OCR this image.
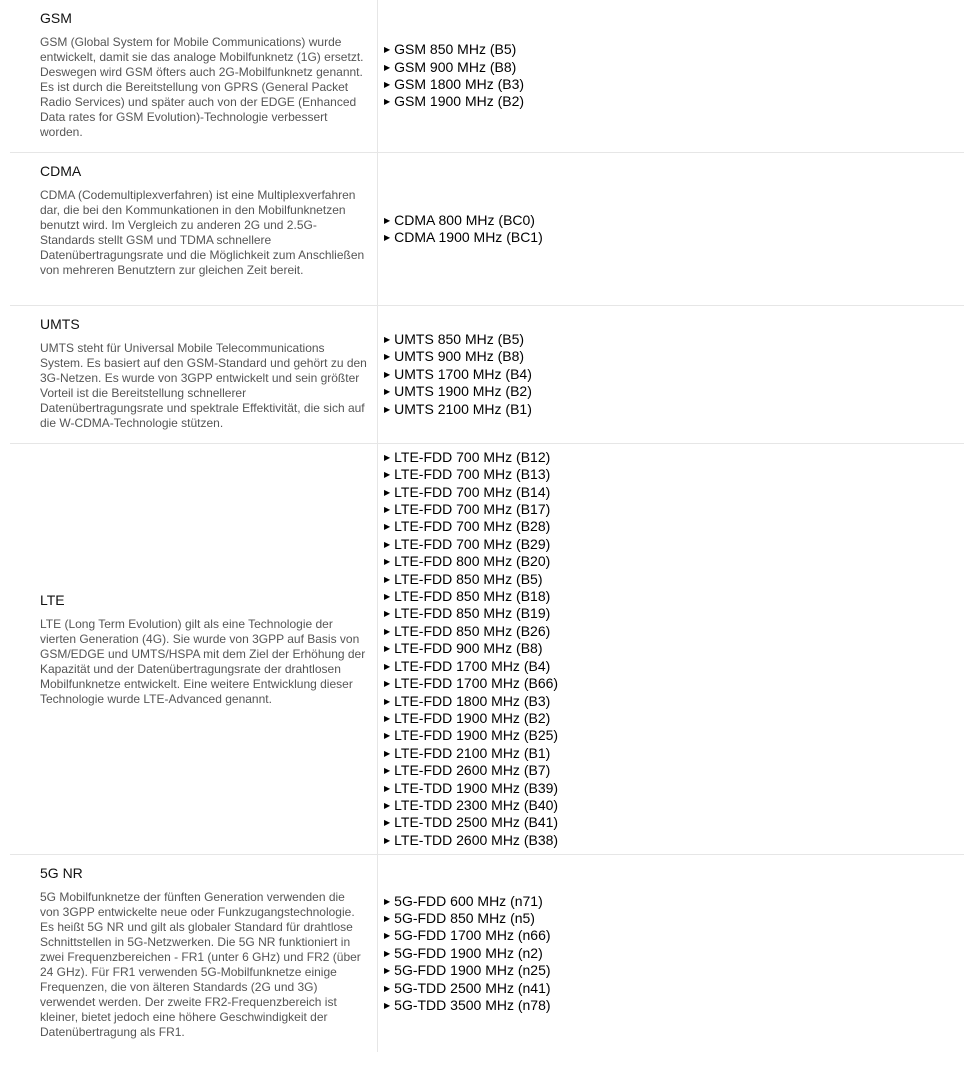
GSM

GSM (Global System for Mobile Communications) wurde entwickelt, damit sie das analoge Mobilfunknetz (1G) ersetzt. Deswegen wird GSM öfters auch 2G-Mobilfunknetz genannt. Es ist durch die Bereitstellung von GPRS (General Packet Radio Services) und später auch von der EDGE (Enhanced Data rates for GSM Evolution)-Technologie verbessert worden.

▶ GSM 850 MHz (B5)
▶ GSM 900 MHz (B8)
▶ GSM 1800 MHz (B3)
▶ GSM 1900 MHz (B2)
CDMA

CDMA (Codemultiplexverfahren) ist eine Multiplexverfahren dar, die bei den Kommunkationen in den Mobilfunknetzen benutzt wird. Im Vergleich zu anderen 2G und 2.5G-Standards stellt GSM und TDMA schnellere Datenübertragungsrate und die Möglichkeit zum Anschließen von mehreren Benutztern zur gleichen Zeit bereit.

▶ CDMA 800 MHz (BC0)
▶ CDMA 1900 MHz (BC1)
UMTS

UMTS steht für Universal Mobile Telecommunications System. Es basiert auf den GSM-Standard und gehört zu den 3G-Netzen. Es wurde von 3GPP entwickelt und sein größter Vorteil ist die Bereitstellung schnellerer Datenübertragungsrate und spektrale Effektivität, die sich auf die W-CDMA-Technologie stützen.

▶ UMTS 850 MHz (B5)
▶ UMTS 900 MHz (B8)
▶ UMTS 1700 MHz (B4)
▶ UMTS 1900 MHz (B2)
▶ UMTS 2100 MHz (B1)
LTE

LTE (Long Term Evolution) gilt als eine Technologie der vierten Generation (4G). Sie wurde von 3GPP auf Basis von GSM/EDGE und UMTS/HSPA mit dem Ziel der Erhöhung der Kapazität und der Datenübertragungsrate der drahtlosen Mobilfunknetze entwickelt. Eine weitere Entwicklung dieser Technologie wurde LTE-Advanced genannt.

▶ LTE-FDD 700 MHz (B12)
▶ LTE-FDD 700 MHz (B13)
▶ LTE-FDD 700 MHz (B14)
▶ LTE-FDD 700 MHz (B17)
▶ LTE-FDD 700 MHz (B28)
▶ LTE-FDD 700 MHz (B29)
▶ LTE-FDD 800 MHz (B20)
▶ LTE-FDD 850 MHz (B5)
▶ LTE-FDD 850 MHz (B18)
▶ LTE-FDD 850 MHz (B19)
▶ LTE-FDD 850 MHz (B26)
▶ LTE-FDD 900 MHz (B8)
▶ LTE-FDD 1700 MHz (B4)
▶ LTE-FDD 1700 MHz (B66)
▶ LTE-FDD 1800 MHz (B3)
▶ LTE-FDD 1900 MHz (B2)
▶ LTE-FDD 1900 MHz (B25)
▶ LTE-FDD 2100 MHz (B1)
▶ LTE-FDD 2600 MHz (B7)
▶ LTE-TDD 1900 MHz (B39)
▶ LTE-TDD 2300 MHz (B40)
▶ LTE-TDD 2500 MHz (B41)
▶ LTE-TDD 2600 MHz (B38)
5G NR

5G Mobilfunknetze der fünften Generation verwenden die von 3GPP entwickelte neue oder Funkzugangstechnologie. Es heißt 5G NR und gilt als globaler Standard für drahtlose Schnittstellen in 5G-Netzwerken. Die 5G NR funktioniert in zwei Frequenzbereichen - FR1 (unter 6 GHz) und FR2 (über 24 GHz). Für FR1 verwenden 5G-Mobilfunknetze einige Frequenzen, die von älteren Standards (2G und 3G) verwendet werden. Der zweite FR2-Frequenzbereich ist kleiner, bietet jedoch eine höhere Geschwindigkeit der Datenübertragung als FR1.

▶ 5G-FDD 600 MHz (n71)
▶ 5G-FDD 850 MHz (n5)
▶ 5G-FDD 1700 MHz (n66)
▶ 5G-FDD 1900 MHz (n2)
▶ 5G-FDD 1900 MHz (n25)
▶ 5G-TDD 2500 MHz (n41)
▶ 5G-TDD 3500 MHz (n78)
